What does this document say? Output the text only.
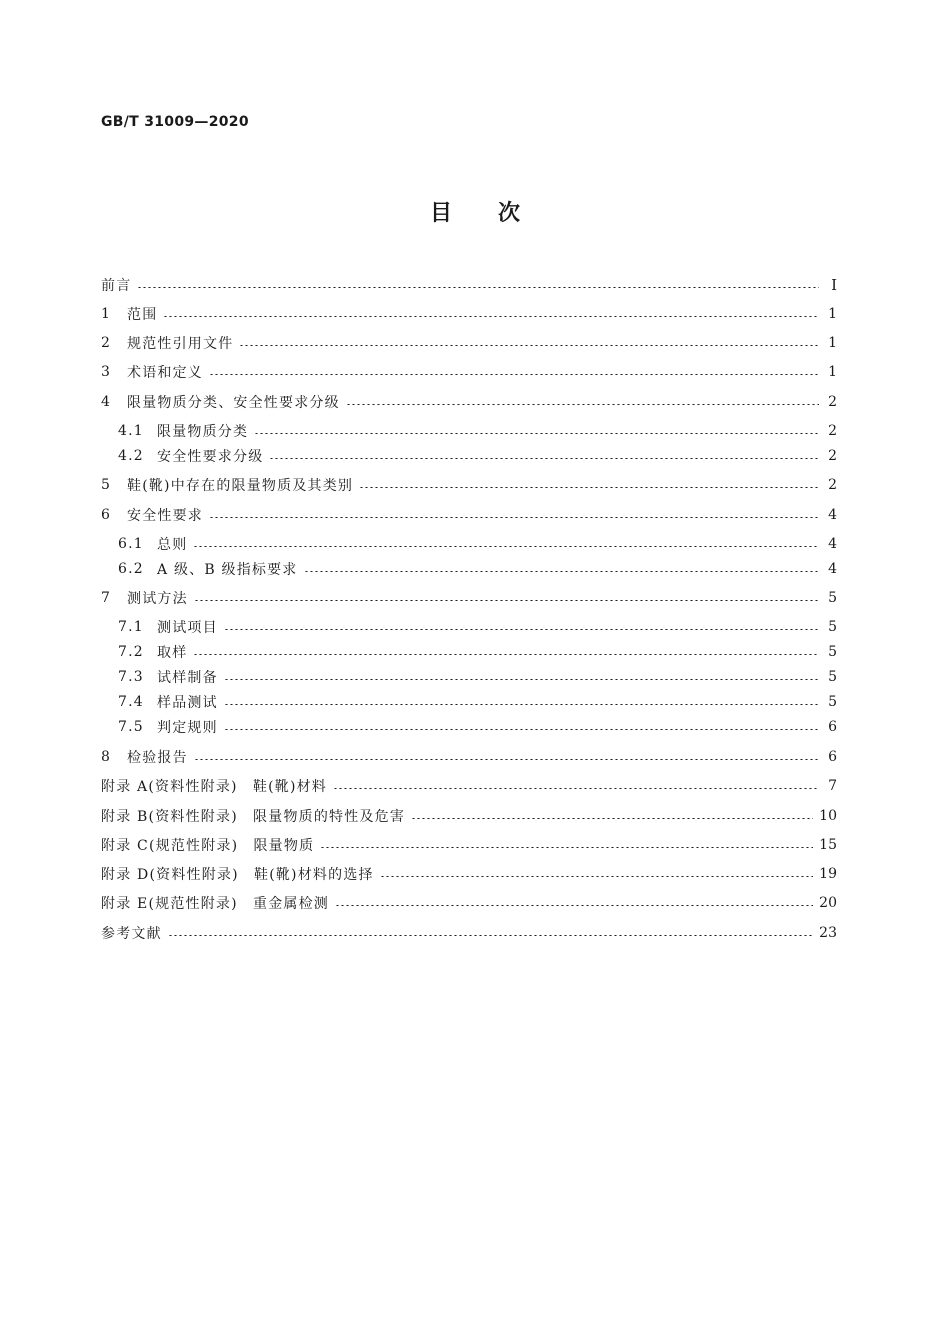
GB/T 31009—2020
目 次
前言	I
1	范围	1
2	规范性引用文件	1
3	术语和定义	1
4	限量物质分类、安全性要求分级	2
4.1 限量物质分类	2
4.2 安全性要求分级	2
5	鞋(靴)中存在的限量物质及其类别	2
6	安全性要求	4
6.1 总则	4
6.2 A 级、B 级指标要求	4
7	测试方法	5
7.1 测试项目	5
7.2 取样	5
7.3 试样制备	5
7.4 样品测试	5
7.5 判定规则	6
8	检验报告	6
附录 A(资料性附录)　鞋(靴)材料	7
附录 B(资料性附录)　限量物质的特性及危害	10
附录 C(规范性附录)　限量物质	15
附录 D(资料性附录)　鞋(靴)材料的选择	19
附录 E(规范性附录)　重金属检测	20
参考文献	23
